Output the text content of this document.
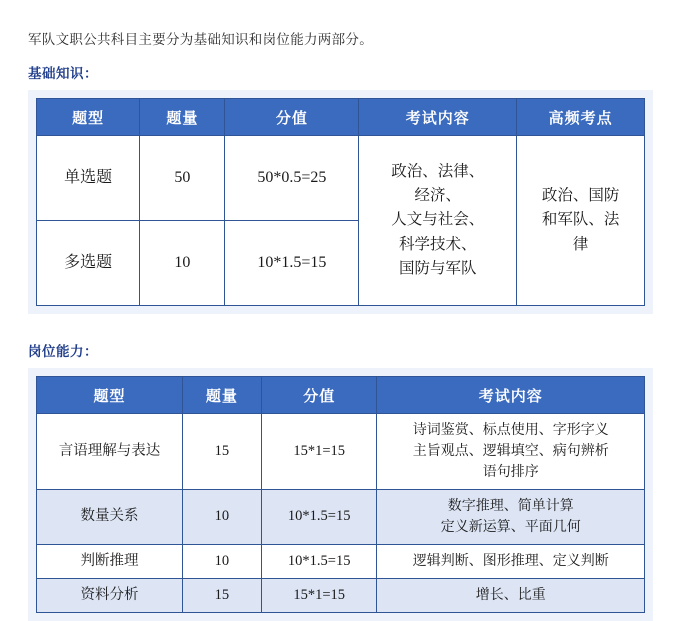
军队文职公共科目主要分为基础知识和岗位能力两部分。

基础知识：
题型	题量	分值	考试内容	高频考点
单选题	50	50*0.5=25	政治、法律、
经济、
人文与社会、
科学技术、
国防与军队	政治、国防
和军队、法
律
多选题	10	10*1.5=15		
岗位能力：
题型	题量	分值	考试内容
言语理解与表达	15	15*1=15	诗词鉴赏、标点使用、字形字义
主旨观点、逻辑填空、病句辨析
语句排序
数量关系	10	10*1.5=15	数字推理、简单计算
定义新运算、平面几何
判断推理	10	10*1.5=15	逻辑判断、图形推理、定义判断
资料分析	15	15*1=15	增长、比重
